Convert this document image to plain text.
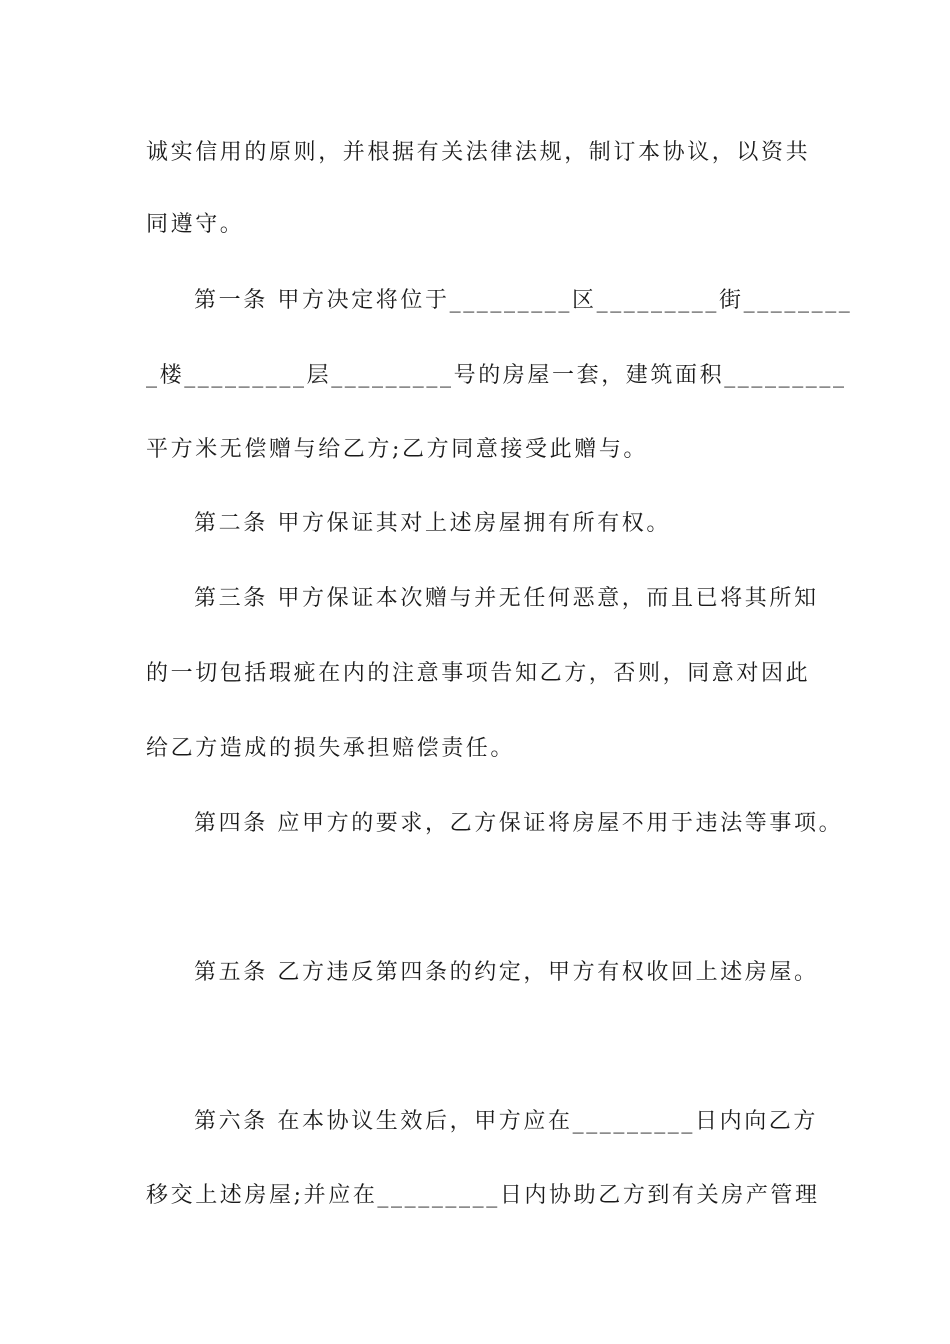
诚实信用的原则，并根据有关法律法规，制订本协议，以资共
同遵守。
第一条 甲方决定将位于_________区_________街________
_楼_________层_________号的房屋一套，建筑面积_________
平方米无偿赠与给乙方;乙方同意接受此赠与。
第二条 甲方保证其对上述房屋拥有所有权。
第三条 甲方保证本次赠与并无任何恶意，而且已将其所知
的一切包括瑕疵在内的注意事项告知乙方，否则，同意对因此
给乙方造成的损失承担赔偿责任。
第四条 应甲方的要求，乙方保证将房屋不用于违法等事项。
第五条 乙方违反第四条的约定，甲方有权收回上述房屋。
第六条 在本协议生效后，甲方应在_________日内向乙方
移交上述房屋;并应在_________日内协助乙方到有关房产管理
